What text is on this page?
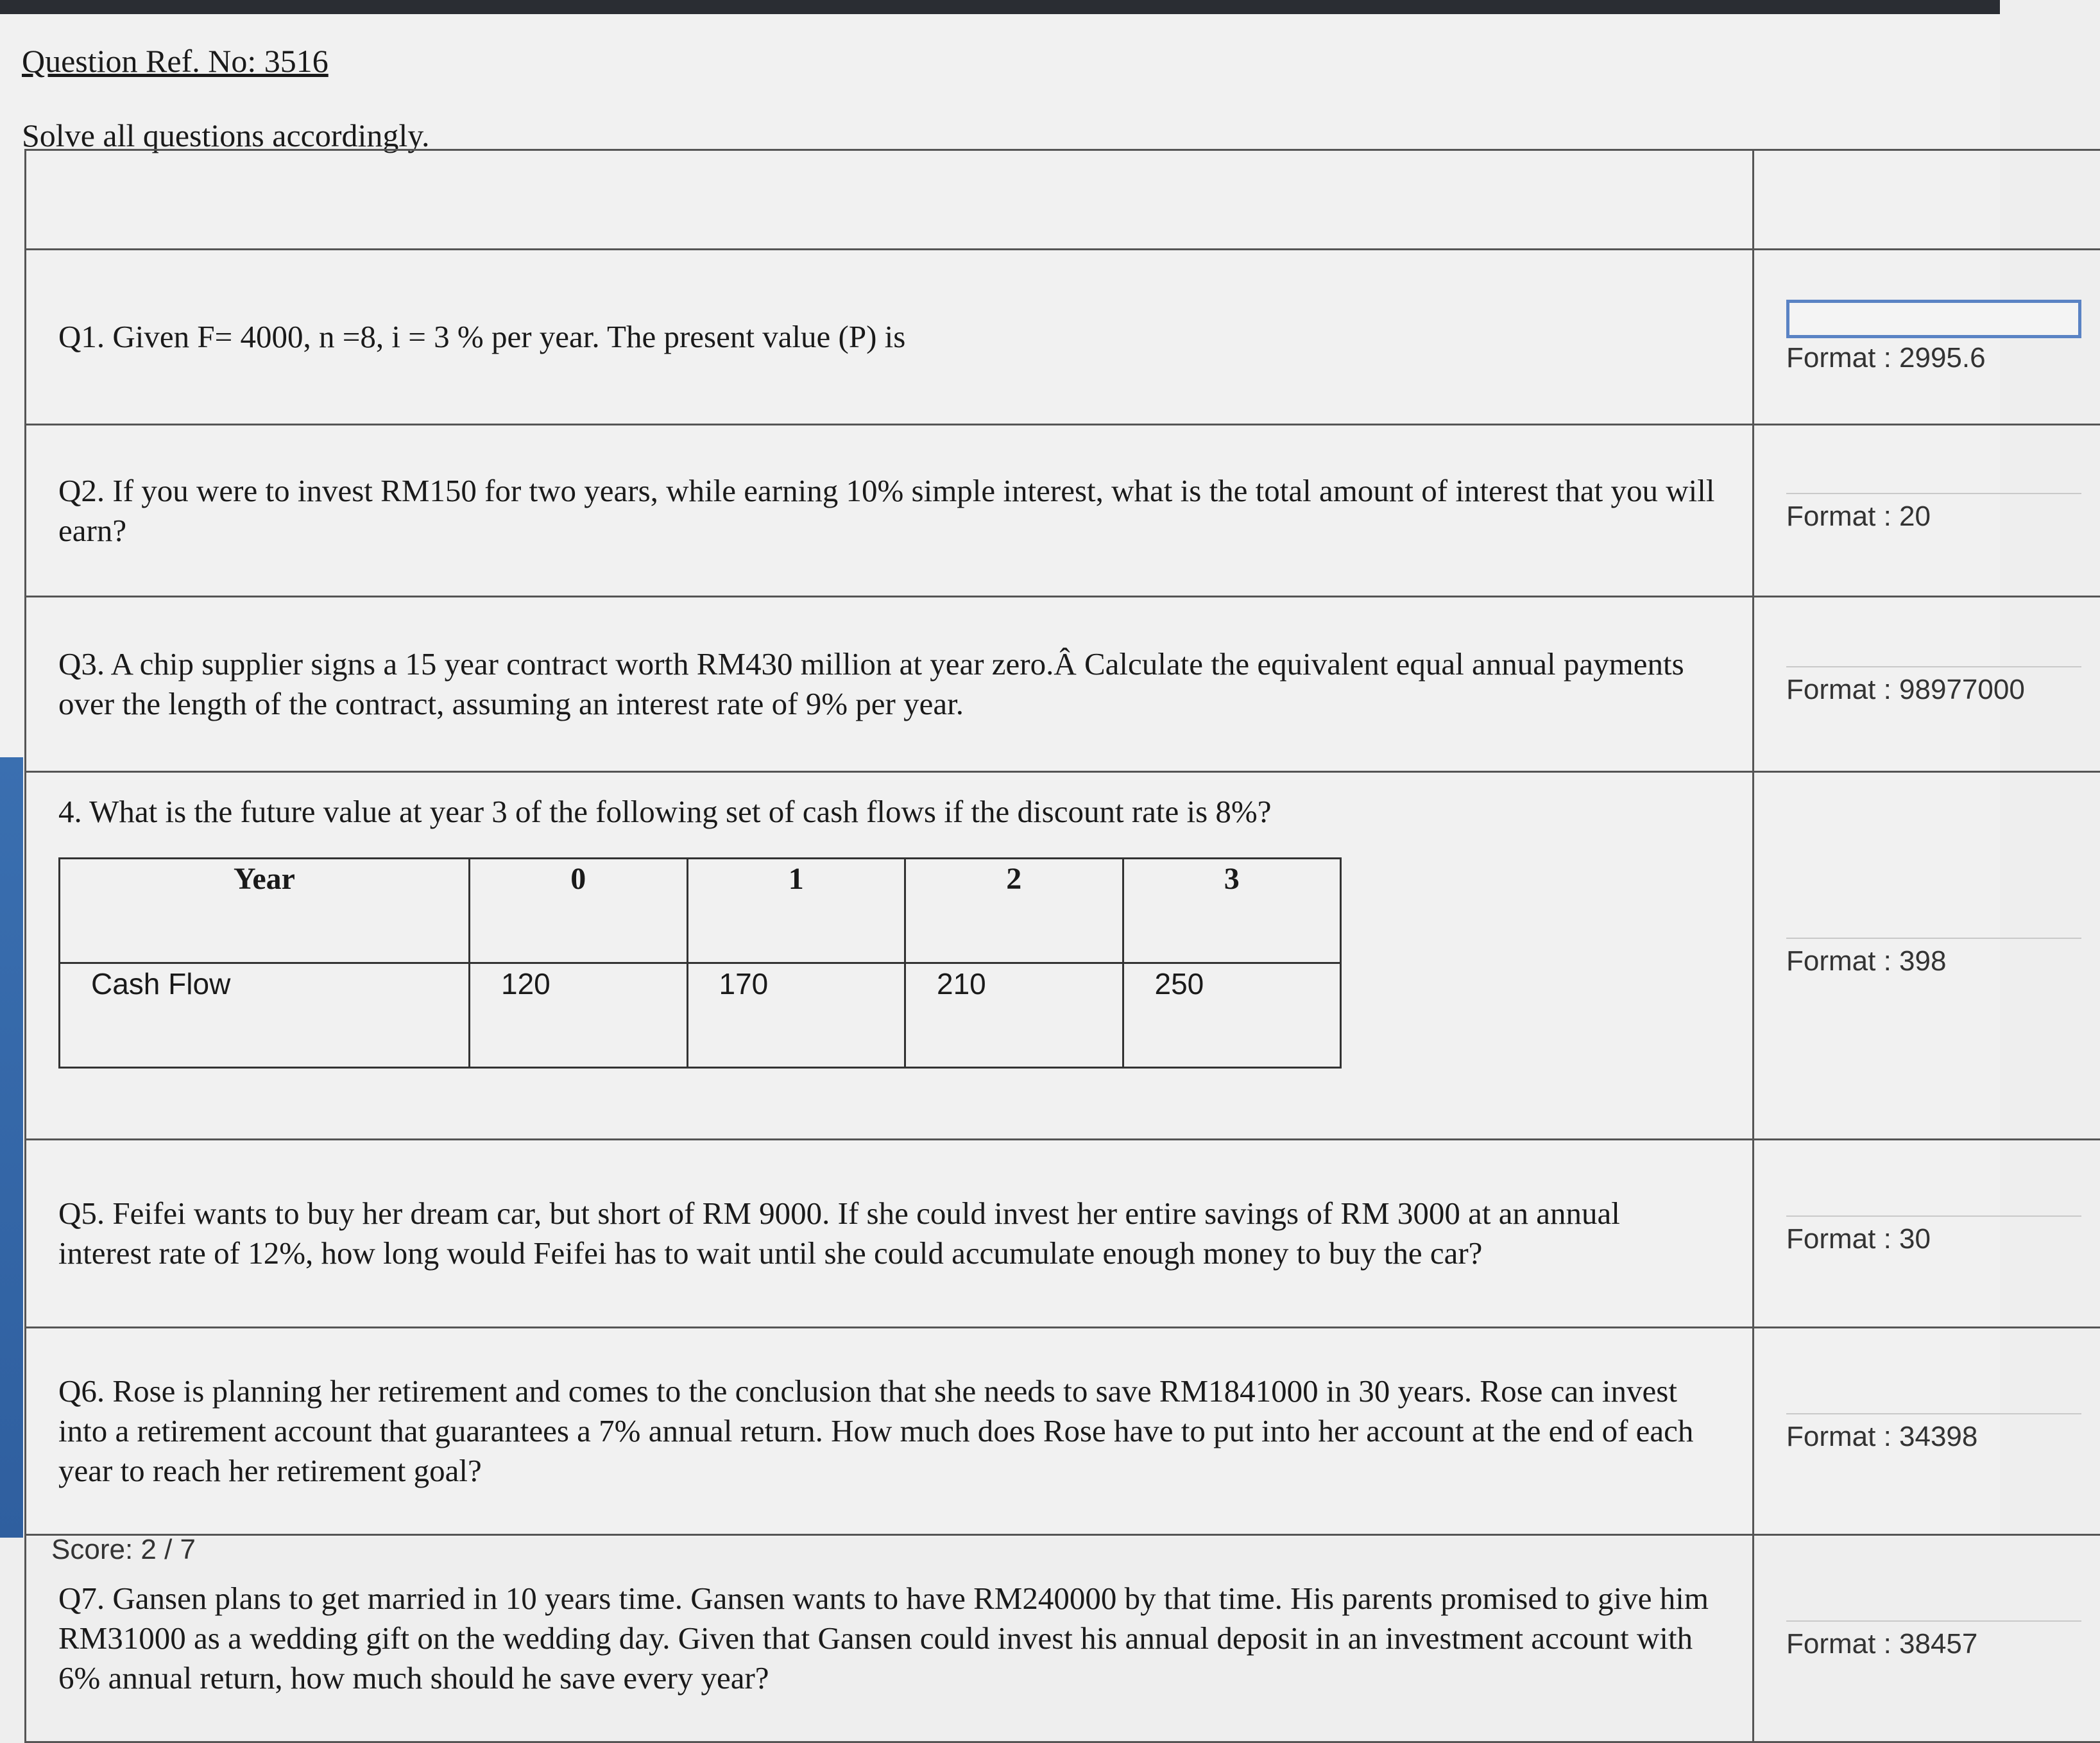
Question Ref. No: 3516
Solve all questions accordingly.

Q1. Given F= 4000, n =8, i = 3 % per year. The present value (P) is	
Format : 2995.6
Q2. If you were to invest RM150 for two years, while earning 10% simple interest, what is the total amount of interest that you will earn?	Format : 20
Q3. A chip supplier signs a 15 year contract worth RM430 million at year zero.Â Calculate the equivalent equal annual payments over the length of the contract, assuming an interest rate of 9% per year.	Format : 98977000

4. What is the future value at year 3 of the following set of cash flows if the discount rate is 8%?
Year	0	1	2	3
Cash Flow	120	170	210	250

Format : 398
Q5. Feifei wants to buy her dream car, but short of RM 9000. If she could invest her entire savings of RM 3000 at an annual interest rate of 12%, how long would Feifei has to wait until she could accumulate enough money to buy the car?	Format : 30
Q6. Rose is planning her retirement and comes to the conclusion that she needs to save RM1841000 in 30 years. Rose can invest into a retirement account that guarantees a 7% annual return. How much does Rose have to put into her account at the end of each year to reach her retirement goal?	
Format : 34398
Q7. Gansen plans to get married in 10 years time. Gansen wants to have RM240000 by that time. His parents promised to give him RM31000 as a wedding gift on the wedding day. Given that Gansen could invest his annual deposit in an investment account with 6% annual return, how much should he save every year?	
Format : 38457
Score: 2 / 7
